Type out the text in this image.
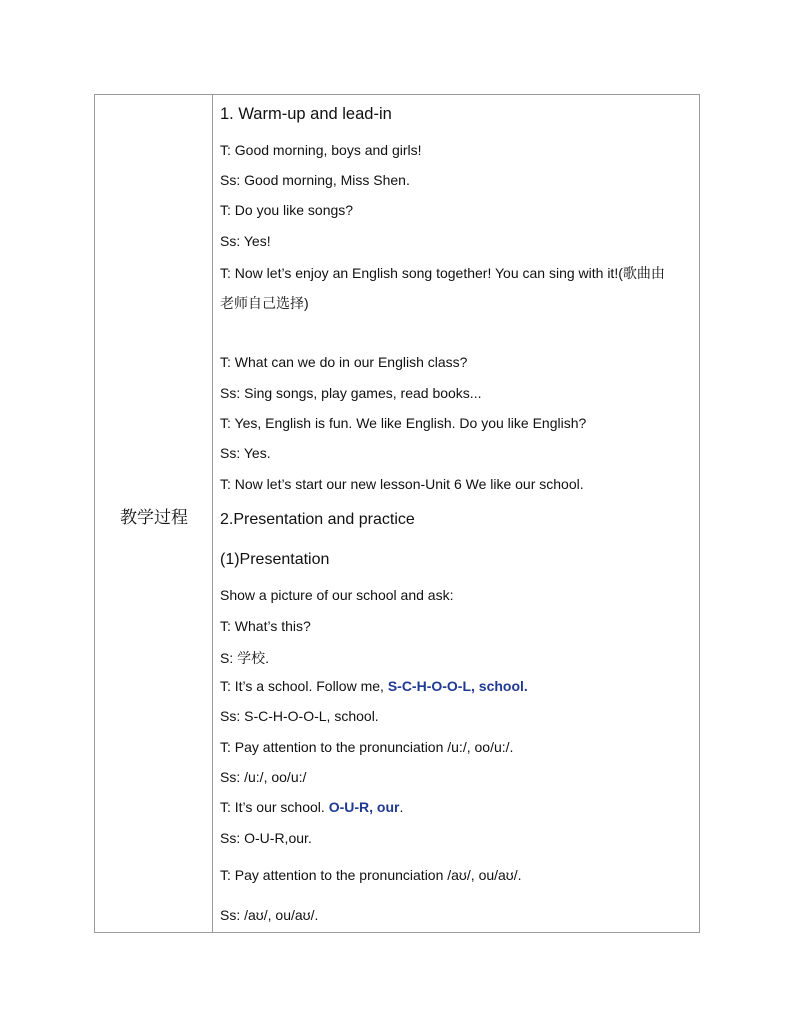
教学过程
1. Warm-up and lead-in
T: Good morning, boys and girls!
Ss: Good morning, Miss Shen.
T: Do you like songs?
Ss: Yes!
T: Now let’s enjoy an English song together! You can sing with it!(歌曲由
老师自己选择)
T: What can we do in our English class?
Ss: Sing songs, play games, read books...
T: Yes, English is fun. We like English. Do you like English?
Ss: Yes.
T: Now let’s start our new lesson-Unit 6 We like our school.
2.Presentation and practice
(1)Presentation
Show a picture of our school and ask:
T: What’s this?
S: 学校.
T: It’s a school. Follow me, S-C-H-O-O-L, school.
Ss: S-C-H-O-O-L, school.
T: Pay attention to the pronunciation /u:/, oo/u:/.
Ss: /u:/, oo/u:/
T: It’s our school. O-U-R, our.
Ss: O-U-R,our.
T: Pay attention to the pronunciation /aʊ/, ou/aʊ/.
Ss: /aʊ/, ou/aʊ/.
